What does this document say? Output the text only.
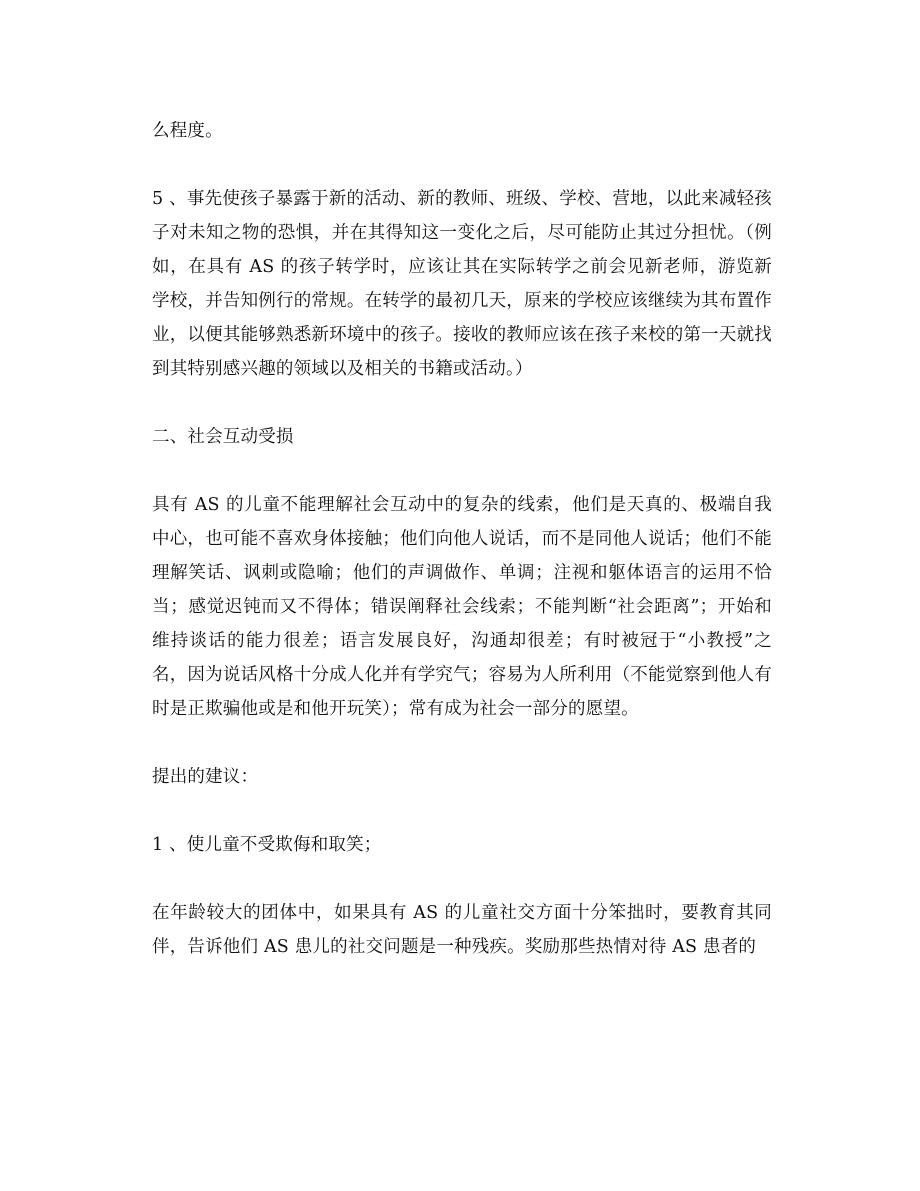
么程度。

5 、事先使孩子暴露于新的活动、新的教师、班级、学校、营地，以此来减轻孩子对未知之物的恐惧，并在其得知这一变化之后，尽可能防止其过分担忧。（例如，在具有 AS 的孩子转学时，应该让其在实际转学之前会见新老师，游览新学校，并告知例行的常规。在转学的最初几天，原来的学校应该继续为其布置作业，以便其能够熟悉新环境中的孩子。接收的教师应该在孩子来校的第一天就找到其特别感兴趣的领域以及相关的书籍或活动。）

二、社会互动受损

具有 AS 的儿童不能理解社会互动中的复杂的线索，他们是天真的、极端自我中心，也可能不喜欢身体接触；他们向他人说话，而不是同他人说话；他们不能理解笑话、讽刺或隐喻；他们的声调做作、单调；注视和躯体语言的运用不恰当；感觉迟钝而又不得体；错误阐释社会线索；不能判断“社会距离”；开始和维持谈话的能力很差；语言发展良好，沟通却很差；有时被冠于“小教授”之名，因为说话风格十分成人化并有学究气；容易为人所利用（不能觉察到他人有时是正欺骗他或是和他开玩笑）；常有成为社会一部分的愿望。

提出的建议：

1 、使儿童不受欺侮和取笑；

在年龄较大的团体中，如果具有 AS 的儿童社交方面十分笨拙时，要教育其同伴，告诉他们 AS 患儿的社交问题是一种残疾。奖励那些热情对待 AS 患者的
